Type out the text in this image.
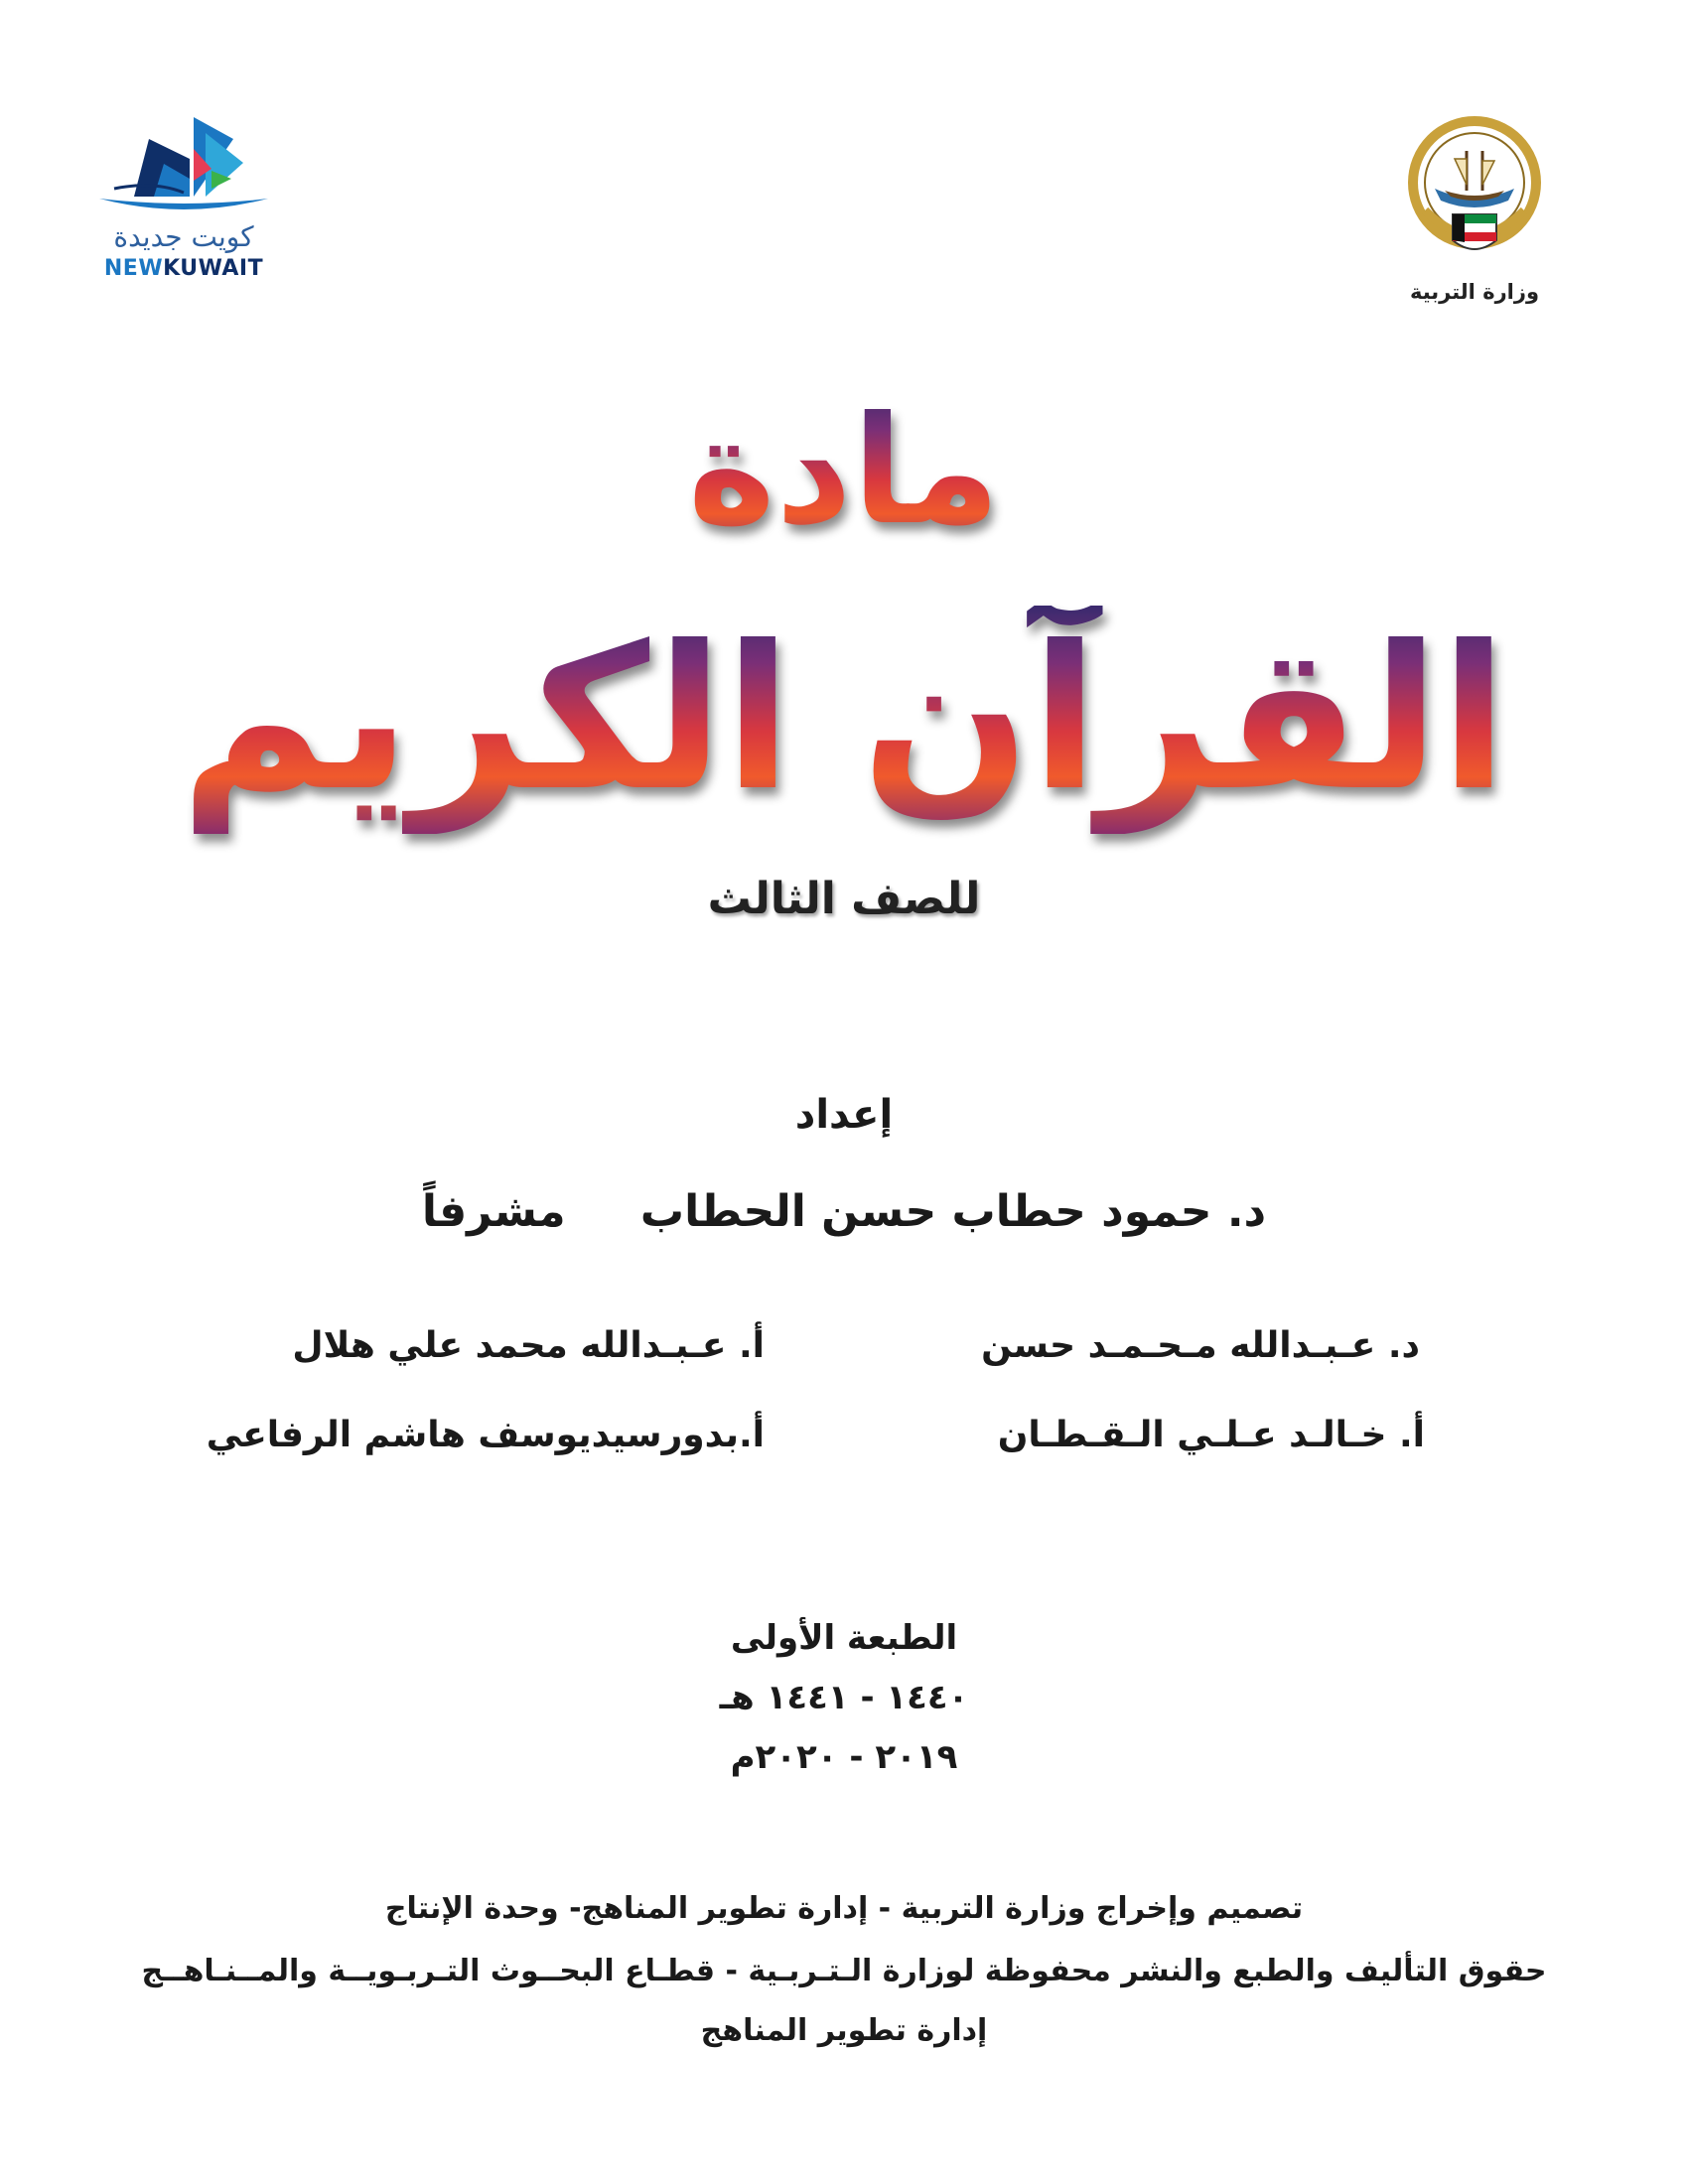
وزارة التربية
كويت جديدة
NEWKUWAIT
مادة
القرآن الكريم
للصف الثالث
إعداد
د. حمود حطاب حسن الحطاب مشرفاً
د. عـبـدالله مـحـمـد حسن
أ. عـبـدالله محمد علي هلال
أ. خـالـد عـلـي الـقـطـان
أ.بدورسيديوسف هاشم الرفاعي
الطبعة الأولى
١٤٤٠ - ١٤٤١ هـ
٢٠١٩ - ٢٠٢٠م
تصميم وإخراج وزارة التربية - إدارة تطوير المناهج- وحدة الإنتاج
حقوق التأليف والطبع والنشر محفوظة لوزارة الـتـربـية - قطـاع البحــوث التـربـويــة والمــنـاهــج
إدارة تطوير المناهج
